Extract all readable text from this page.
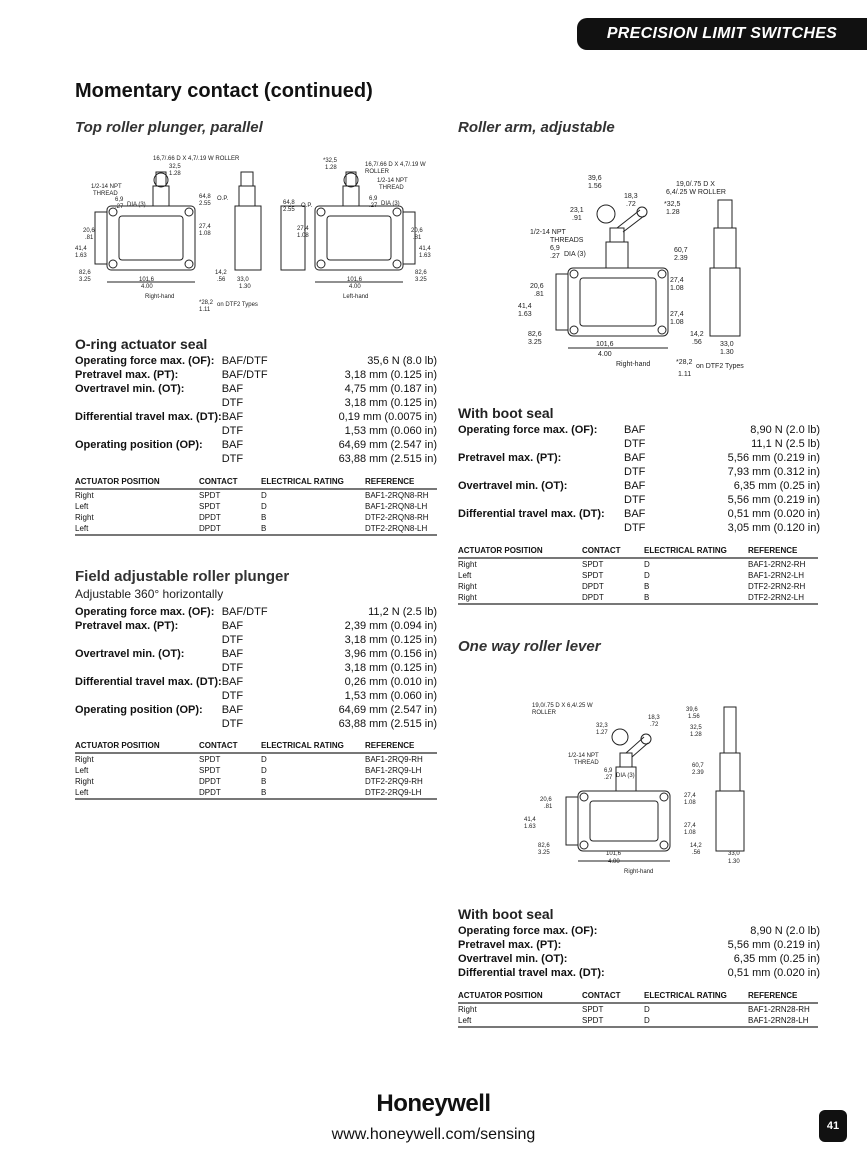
PRECISION LIMIT SWITCHES
Momentary contact (continued)
Top roller plunger, parallel
16,7/.66 D X 4,7/.19 W ROLLER
32,5
1.28
1/2-14 NPT
THREAD
6,9
.27 DIA (3)
64,8
2.55
O.P.
27,4
1.08
20,6
.81
41,4
1.63
82,6
3.25
14,2
.56
101,6
4.00
33,0
1.30
Right-hand
*28,2 on DTF2 Types
1.11
*32,5
1.28	16,7/.66 D X 4,7/.19 W
ROLLER
1/2-14 NPT
THREAD
6,9
.27 DIA (3)
64,8
2.55
O.P.
27,4
1.08
20,6
.81
41,4
1.63
82,6
3.25
101,6
4.00
Left-hand
O-ring actuator seal
Operating force max. (OF):	BAF/DTF	35,6 N (8.0 lb)
Pretravel max. (PT):	BAF/DTF	3,18 mm (0.125 in)
Overtravel min. (OT):	BAF	4,75 mm (0.187 in)
	DTF	3,18 mm (0.125 in)
Differential travel max. (DT):	BAF	0,19 mm (0.0075 in)
	DTF	1,53 mm (0.060 in)
Operating position (OP):	BAF	64,69 mm (2.547 in)
	DTF	63,88 mm (2.515 in)
ACTUATOR POSITION	CONTACT	ELECTRICAL RATING	REFERENCE
Right	SPDT	D	BAF1-2RQN8-RH
Left	SPDT	D	BAF1-2RQN8-LH
Right	DPDT	B	DTF2-2RQN8-RH
Left	DPDT	B	DTF2-2RQN8-LH
Field adjustable roller plunger
Adjustable 360° horizontally
Operating force max. (OF):	BAF/DTF	11,2 N (2.5 lb)
Pretravel max. (PT):	BAF	2,39 mm (0.094 in)
	DTF	3,18 mm (0.125 in)
Overtravel min. (OT):	BAF	3,96 mm (0.156 in)
	DTF	3,18 mm (0.125 in)
Differential travel max. (DT):	BAF	0,26 mm (0.010 in)
	DTF	1,53 mm (0.060 in)
Operating position (OP):	BAF	64,69 mm (2.547 in)
	DTF	63,88 mm (2.515 in)
ACTUATOR POSITION	CONTACT	ELECTRICAL RATING	REFERENCE
Right	SPDT	D	BAF1-2RQ9-RH
Left	SPDT	D	BAF1-2RQ9-LH
Right	DPDT	B	DTF2-2RQ9-RH
Left	DPDT	B	DTF2-2RQ9-LH
Roller arm, adjustable
39,6
1.56	19,0/.75 D X
6,4/.25 W ROLLER
23,1
.91
18,3
.72	*32,5
1.28
1/2-14 NPT
THREADS
6,9
.27 DIA (3)
60,7
2.39
27,4
1.08
27,4
1.08
20,6
.81
41,4
1.63
82,6
3.25	101,6
4.00
14,2
.56	33,0
1.30
Right-hand	*28,2
on DTF2 Types
1.11
With boot seal
Operating force max. (OF):	BAF	8,90 N (2.0 lb)
	DTF	11,1 N (2.5 lb)
Pretravel max. (PT):	BAF	5,56 mm (0.219 in)
	DTF	7,93 mm (0.312 in)
Overtravel min. (OT):	BAF	6,35 mm (0.25 in)
	DTF	5,56 mm (0.219 in)
Differential travel max. (DT):	BAF	0,51 mm (0.020 in)
	DTF	3,05 mm (0.120 in)
ACTUATOR POSITION	CONTACT	ELECTRICAL RATING	REFERENCE
Right	SPDT	D	BAF1-2RN2-RH
Left	SPDT	D	BAF1-2RN2-LH
Right	DPDT	B	DTF2-2RN2-RH
Right	DPDT	B	DTF2-2RN2-LH
One way roller lever
19,0/.75 D X 6,4/.25 W
ROLLER	39,6
1.56
18,3
.72
32,3
1.27
32,5
1.28
1/2-14 NPT
THREAD
6,9
.27 DIA (3)
60,7
2.39
27,4
1.08
27,4
1.08
20,6
.81
41,4
1.63
82,6
3.25	101,6
4.00
14,2
.56	33,0
1.30
Right-hand
With boot seal
Operating force max. (OF):		8,90 N (2.0 lb)
Pretravel max. (PT):		5,56 mm (0.219 in)
Overtravel min. (OT):		6,35 mm (0.25 in)
Differential travel max. (DT):		0,51 mm (0.020 in)
ACTUATOR POSITION	CONTACT	ELECTRICAL RATING	REFERENCE
Right	SPDT	D	BAF1-2RN28-RH
Left	SPDT	D	BAF1-2RN28-LH
Honeywell
www.honeywell.com/sensing	41
